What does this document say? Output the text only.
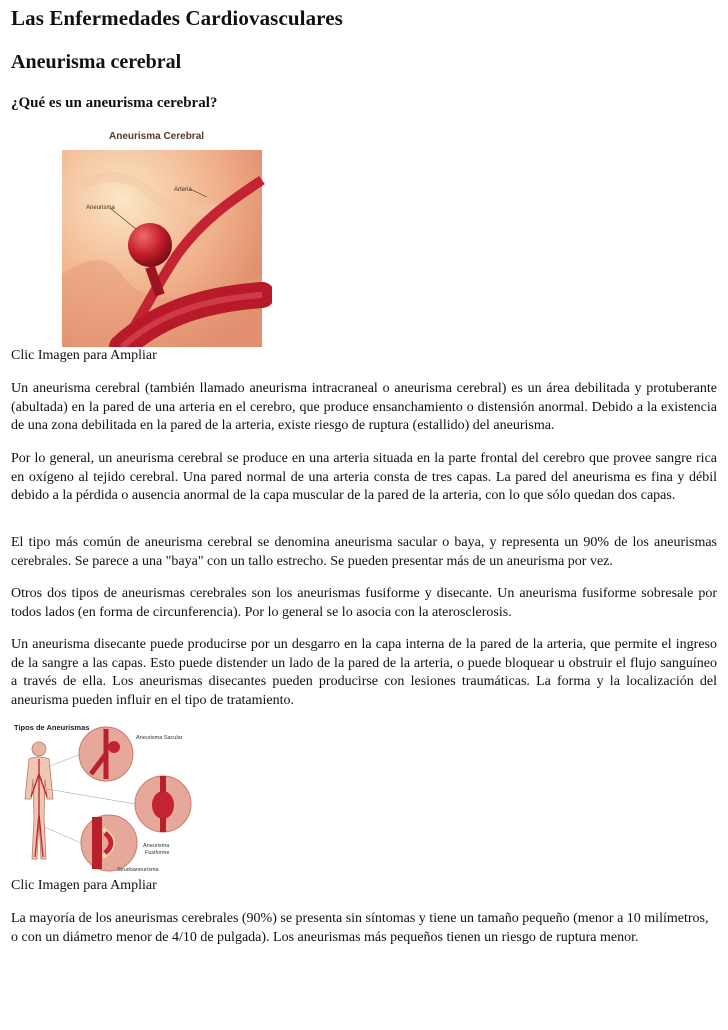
Las Enfermedades Cardiovasculares
Aneurisma cerebral
¿Qué es un aneurisma cerebral?
Aneurisma Cerebral
Arteria
Aneurisma

Clic Imagen para Ampliar

Un aneurisma cerebral (también llamado aneurisma intracraneal o aneurisma cerebral) es un área debilitada y protuberante (abultada) en la pared de una arteria en el cerebro, que produce ensanchamiento o distensión anormal. Debido a la existencia de una zona debilitada en la pared de la arteria, existe riesgo de ruptura (estallido) del aneurisma.

Por lo general, un aneurisma cerebral se produce en una arteria situada en la parte frontal del cerebro que provee sangre rica en oxígeno al tejido cerebral. Una pared normal de una arteria consta de tres capas. La pared del aneurisma es fina y débil debido a la pérdida o ausencia anormal de la capa muscular de la pared de la arteria, con lo que sólo quedan dos capas.

El tipo más común de aneurisma cerebral se denomina aneurisma sacular o baya, y representa un 90% de los aneurismas cerebrales. Se parece a una "baya" con un tallo estrecho. Se pueden presentar más de un aneurisma por vez.

Otros dos tipos de aneurismas cerebrales son los aneurismas fusiforme y disecante. Un aneurisma fusiforme sobresale por todos lados (en forma de circunferencia). Por lo general se lo asocia con la aterosclerosis.

Un aneurisma disecante puede producirse por un desgarro en la capa interna de la pared de la arteria, que permite el ingreso de la sangre a las capas. Esto puede distender un lado de la pared de la arteria, o puede bloquear u obstruir el flujo sanguíneo a través de ella. Los aneurismas disecantes pueden producirse con lesiones traumáticas. La forma y la localización del aneurisma pueden influir en el tipo de tratamiento.

Tipos de Aneurismas
Aneurisma Sacular
Aneurisma
Fusiforme
Seudoaneurisma

Clic Imagen para Ampliar

La mayoría de los aneurismas cerebrales (90%) se presenta sin síntomas y tiene un tamaño pequeño (menor a 10 milímetros, o con un diámetro menor de 4/10 de pulgada). Los aneurismas más pequeños tienen un riesgo de ruptura menor.
